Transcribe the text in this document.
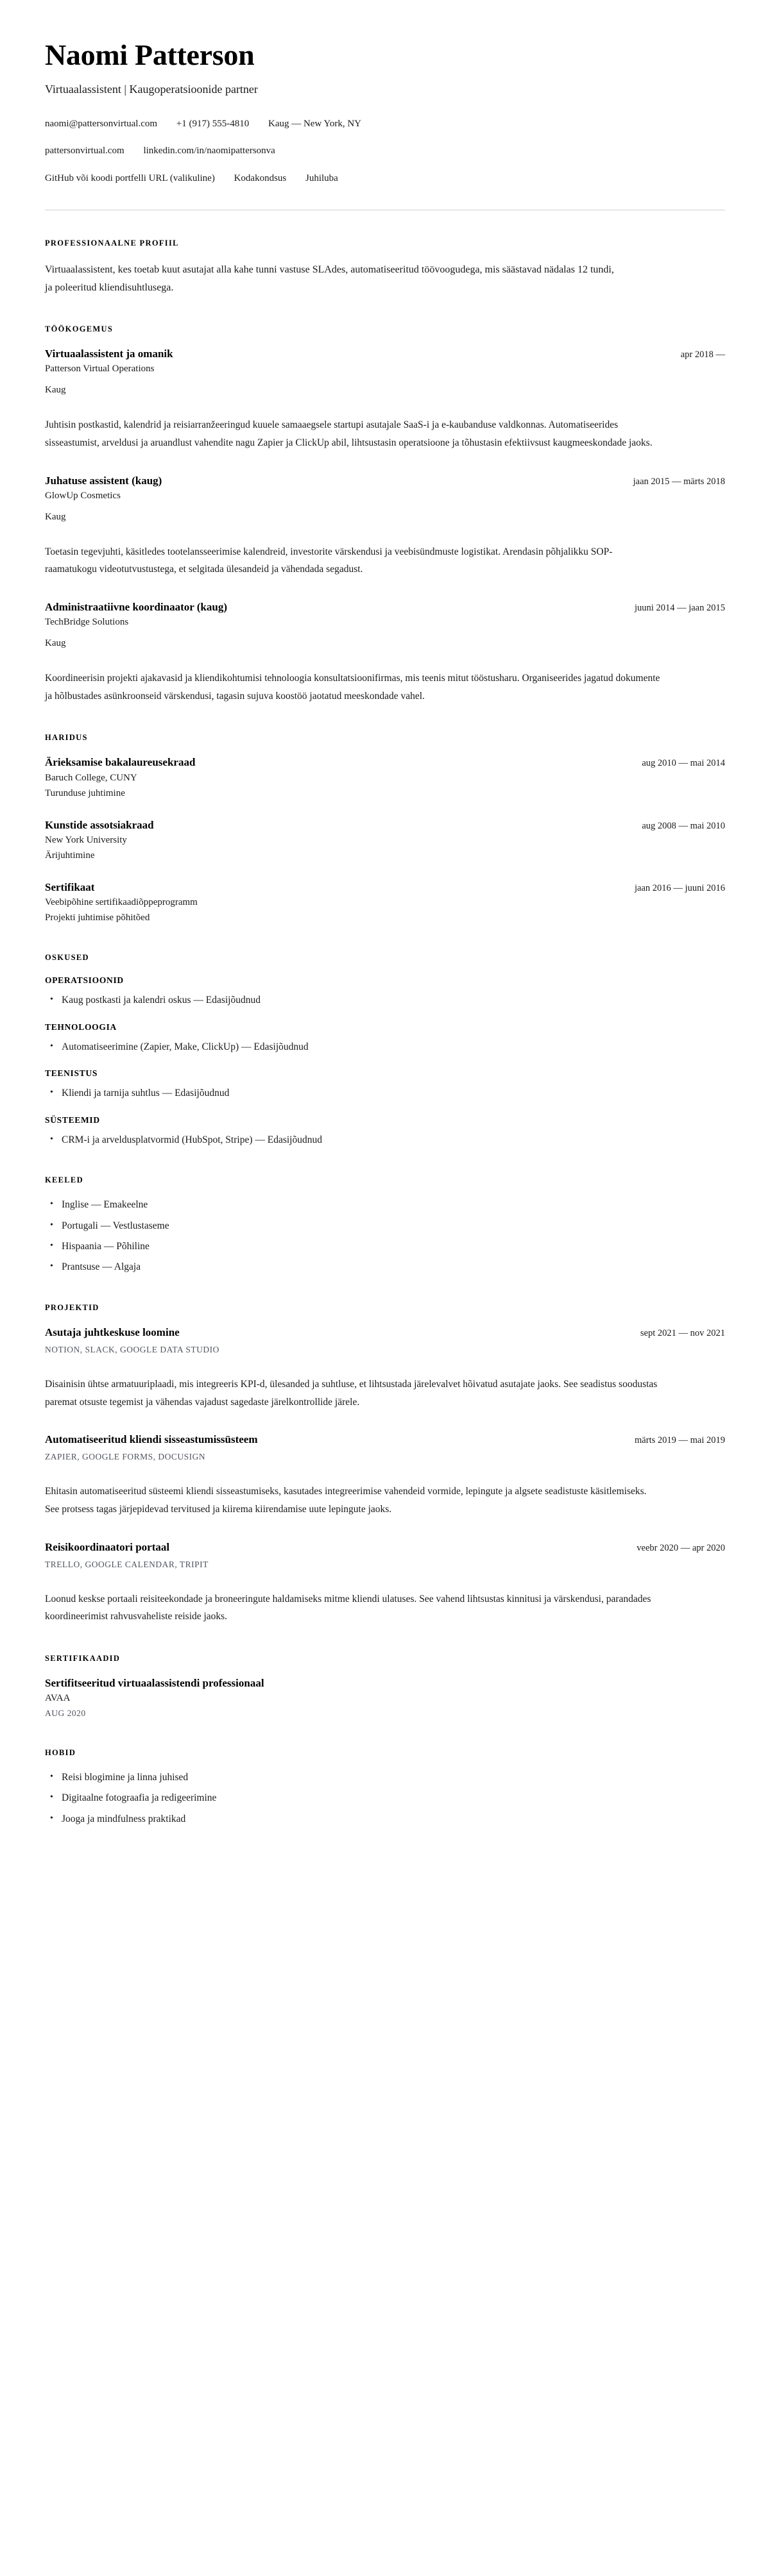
Naomi Patterson

Virtuaalassistent | Kaugoperatsioonide partner

naomi@pattersonvirtual.com +1 (917) 555-4810 Kaug — New York, NY
pattersonvirtual.com linkedin.com/in/naomipattersonva
GitHub või koodi portfelli URL (valikuline) Kodakondsus Juhiluba
PROFESSIONAALNE PROFIIL

Virtuaalassistent, kes toetab kuut asutajat alla kahe tunni vastuse SLAdes, automatiseeritud töövoogudega, mis säästavad nädalas 12 tundi, ja poleeritud kliendisuhtlusega.

TÖÖKOGEMUS
Virtuaalassistent ja omanik	apr 2018 —

Patterson Virtual Operations

Kaug

Juhtisin postkastid, kalendrid ja reisiarranžeeringud kuuele samaaegsele startupi asutajale SaaS-i ja e-kaubanduse valdkonnas. Automatiseerides sisseastumist, arveldusi ja aruandlust vahendite nagu Zapier ja ClickUp abil, lihtsustasin operatsioone ja tõhustasin efektiivsust kaugmeeskondade jaoks.

Juhatuse assistent (kaug)	jaan 2015 — märts 2018

GlowUp Cosmetics

Kaug

Toetasin tegevjuhti, käsitledes tootelansseerimise kalendreid, investorite värskendusi ja veebisündmuste logistikat. Arendasin põhjalikku SOP-raamatukogu videotutvustustega, et selgitada ülesandeid ja vähendada segadust.

Administraatiivne koordinaator (kaug)	juuni 2014 — jaan 2015

TechBridge Solutions

Kaug

Koordineerisin projekti ajakavasid ja kliendikohtumisi tehnoloogia konsultatsioonifirmas, mis teenis mitut tööstusharu. Organiseerides jagatud dokumente ja hõlbustades asünkroonseid värskendusi, tagasin sujuva koostöö jaotatud meeskondade vahel.

HARIDUS
Ärieksamise bakalaureusekraad	aug 2010 — mai 2014

Baruch College, CUNY

Turunduse juhtimine

Kunstide assotsiakraad	aug 2008 — mai 2010

New York University

Ärijuhtimine

Sertifikaat	jaan 2016 — juuni 2016

Veebipõhine sertifikaadiõppeprogramm

Projekti juhtimise põhitõed

OSKUSED
OPERATSIOONID
• Kaug postkasti ja kalendri oskus — Edasijõudnud
TEHNOLOOGIA
• Automatiseerimine (Zapier, Make, ClickUp) — Edasijõudnud
TEENISTUS
• Kliendi ja tarnija suhtlus — Edasijõudnud
SÜSTEEMID
• CRM-i ja arveldusplatvormid (HubSpot, Stripe) — Edasijõudnud
KEELED
• Inglise — Emakeelne
• Portugali — Vestlustaseme
• Hispaania — Põhiline
• Prantsuse — Algaja
PROJEKTID
Asutaja juhtkeskuse loomine	sept 2021 — nov 2021

NOTION, SLACK, GOOGLE DATA STUDIO

Disainisin ühtse armatuuriplaadi, mis integreeris KPI-d, ülesanded ja suhtluse, et lihtsustada järelevalvet hõivatud asutajate jaoks. See seadistus soodustas paremat otsuste tegemist ja vähendas vajadust sagedaste järelkontrollide järele.

Automatiseeritud kliendi sisseastumissüsteem	märts 2019 — mai 2019

ZAPIER, GOOGLE FORMS, DOCUSIGN

Ehitasin automatiseeritud süsteemi kliendi sisseastumiseks, kasutades integreerimise vahendeid vormide, lepingute ja algsete seadistuste käsitlemiseks. See protsess tagas järjepidevad tervitused ja kiirema kiirendamise uute lepingute jaoks.

Reisikoordinaatori portaal	veebr 2020 — apr 2020

TRELLO, GOOGLE CALENDAR, TRIPIT

Loonud keskse portaali reisiteekondade ja broneeringute haldamiseks mitme kliendi ulatuses. See vahend lihtsustas kinnitusi ja värskendusi, parandades koordineerimist rahvusvaheliste reiside jaoks.

SERTIFIKAADID
Sertifitseeritud virtuaalassistendi professionaal

AVAA

AUG 2020

HOBID
• Reisi blogimine ja linna juhised
• Digitaalne fotograafia ja redigeerimine
• Jooga ja mindfulness praktikad
